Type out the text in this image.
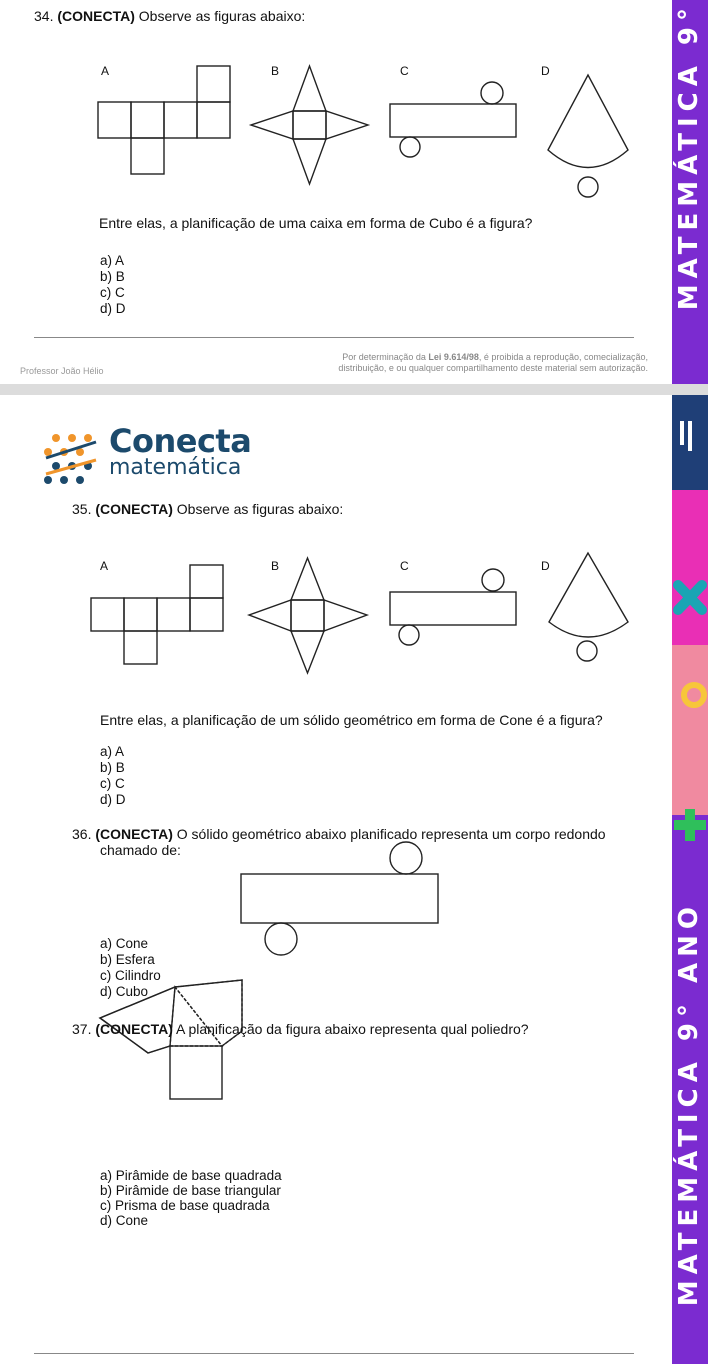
MATEMÁTICA 9°
34. (CONECTA) Observe as figuras abaixo:
A	B	C	D
Entre elas, a planificação de uma caixa em forma de Cubo é a figura?
a) A
b) B
c) C
d) D
Professor João Hélio
Por determinação da Lei 9.614/98, é proibida a reprodução, comecialização,
distribuição, e ou qualquer compartilhamento deste material sem autorização.
MATEMÁTICA 9° ANO
Conecta
matemática
35. (CONECTA) Observe as figuras abaixo:
A	B	C	D
Entre elas, a planificação de um sólido geométrico em forma de Cone é a figura?
a) A
b) B
c) C
d) D
36. (CONECTA) O sólido geométrico abaixo planificado representa um corpo redondo
chamado de:
a) Cone
b) Esfera
c) Cilindro
d) Cubo
37. (CONECTA) A planificação da figura abaixo representa qual poliedro?
a) Pirâmide de base quadrada
b) Pirâmide de base triangular
c) Prisma de base quadrada
d) Cone
